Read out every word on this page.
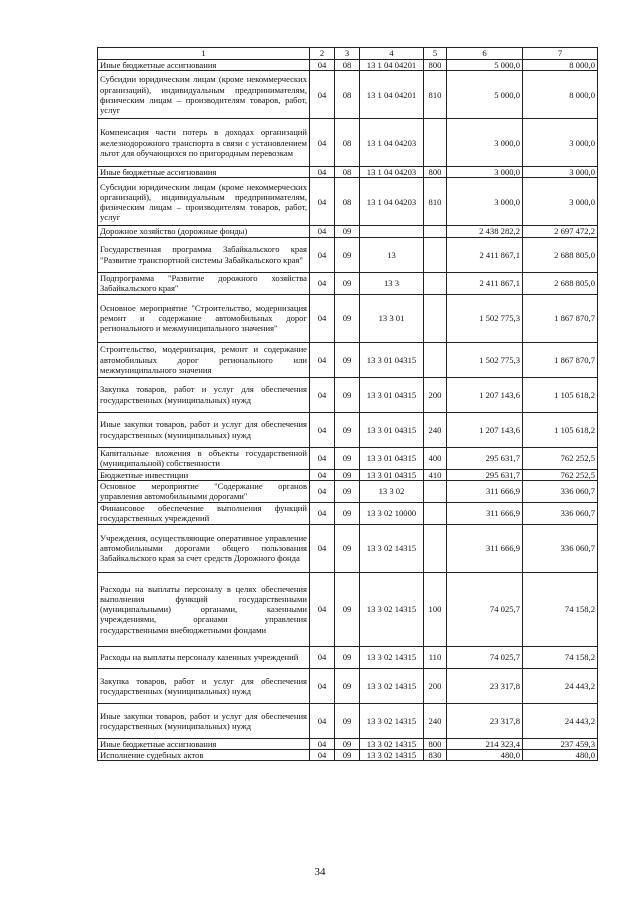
1	2	3	4	5	6	7
Иные бюджетные ассигнования	04	08	13 1 04 04201	800	5 000,0	8 000,0
Субсидии юридическим лицам (кроме некоммерческих организаций), индивидуальным предпринимателям, физическим лицам – производителям товаров, работ, услуг	04	08	13 1 04 04201	810	5 000,0	8 000,0
Компенсация части потерь в доходах организаций железнодорожного транспорта в связи с установлением льгот для обучающихся по пригородным перевозкам	04	08	13 1 04 04203		3 000,0	3 000,0
Иные бюджетные ассигнования	04	08	13 1 04 04203	800	3 000,0	3 000,0
Субсидии юридическим лицам (кроме некоммерческих организаций), индивидуальным предпринимателям, физическим лицам – производителям товаров, работ, услуг	04	08	13 1 04 04203	810	3 000,0	3 000,0
Дорожное хозяйство (дорожные фонды)	04	09			2 438 282,2	2 697 472,2
Государственная программа Забайкальского края "Развитие транспортной системы Забайкальского края"	04	09	13		2 411 867,1	2 688 805,0
Подпрограмма "Развитие дорожного хозяйства Забайкальского края"	04	09	13 3		2 411 867,1	2 688 805,0
Основное мероприятие "Строительство, модернизация ремонт и содержание автомобильных дорог регионального и межмуниципального значения"	04	09	13 3 01		1 502 775,3	1 867 870,7
Строительство, модернизация, ремонт и содержание автомобильных дорог регионального или межмуниципального значения	04	09	13 3 01 04315		1 502 775,3	1 867 870,7
Закупка товаров, работ и услуг для обеспечения государственных (муниципальных) нужд	04	09	13 3 01 04315	200	1 207 143,6	1 105 618,2
Иные закупки товаров, работ и услуг для обеспечения государственных (муниципальных) нужд	04	09	13 3 01 04315	240	1 207 143,6	1 105 618,2
Капитальные вложения в объекты государственной (муниципальной) собственности	04	09	13 3 01 04315	400	295 631,7	762 252,5
Бюджетные инвестиции	04	09	13 3 01 04315	410	295 631,7	762 252,5
Основное мероприятие "Содержание органов управления автомобильными дорогами"	04	09	13 3 02		311 666,9	336 060,7
Финансовое обеспечение выполнения функций государственных учреждений	04	09	13 3 02 10000		311 666,9	336 060,7
Учреждения, осуществляющие оперативное управление автомобильными дорогами общего пользования Забайкальского края за счет средств Дорожного фонда	04	09	13 3 02 14315		311 666,9	336 060,7
Расходы на выплаты персоналу в целях обеспечения выполнения функций государственными (муниципальными) органами, казенными учреждениями, органами управления государственными внебюджетными фондами	04	09	13 3 02 14315	100	74 025,7	74 158,2
Расходы на выплаты персоналу казенных учреждений	04	09	13 3 02 14315	110	74 025,7	74 158,2
Закупка товаров, работ и услуг для обеспечения государственных (муниципальных) нужд	04	09	13 3 02 14315	200	23 317,8	24 443,2
Иные закупки товаров, работ и услуг для обеспечения государственных (муниципальных) нужд	04	09	13 3 02 14315	240	23 317,8	24 443,2
Иные бюджетные ассигнования	04	09	13 3 02 14315	800	214 323,4	237 459,3
Исполнение судебных актов	04	09	13 3 02 14315	830	480,0	480,0
34
